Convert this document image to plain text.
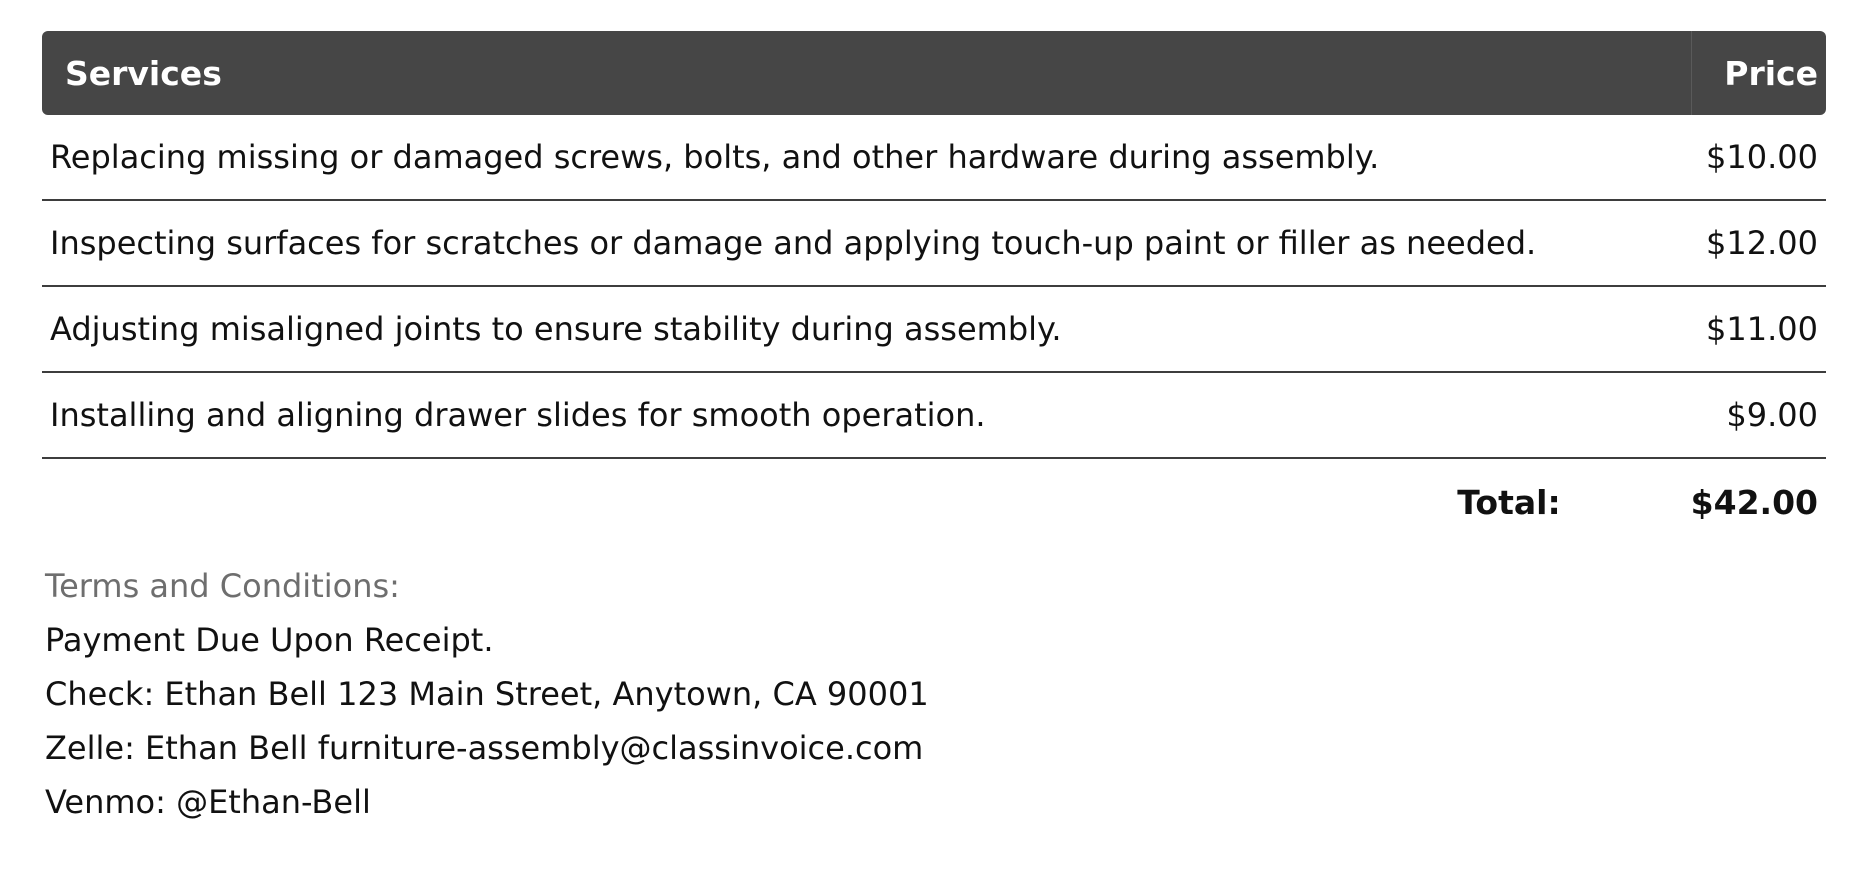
Services	Price
Replacing missing or damaged screws, bolts, and other hardware during assembly.	$10.00
Inspecting surfaces for scratches or damage and applying touch-up paint or filler as needed.	$12.00
Adjusting misaligned joints to ensure stability during assembly.	$11.00
Installing and aligning drawer slides for smooth operation.	$9.00
Total:	$42.00
Terms and Conditions:
Payment Due Upon Receipt.
Check: Ethan Bell 123 Main Street, Anytown, CA 90001
Zelle: Ethan Bell furniture-assembly@classinvoice.com
Venmo: @Ethan-Bell
